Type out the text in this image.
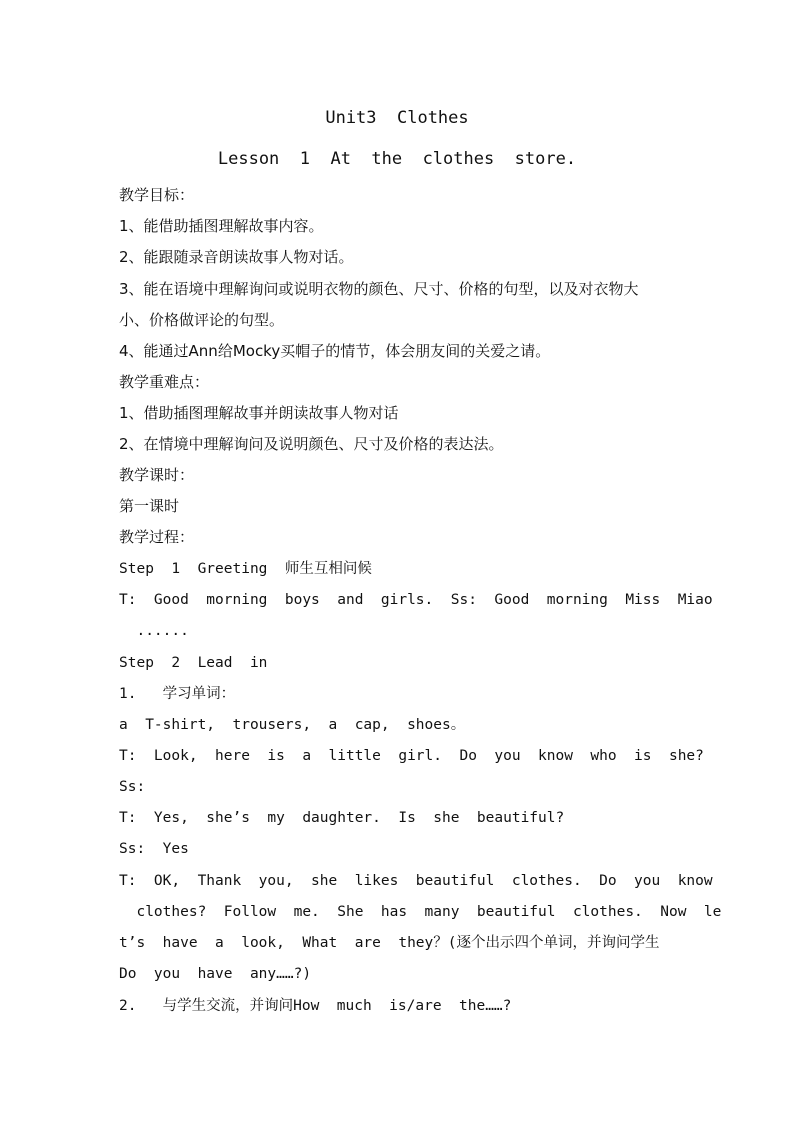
Unit3  Clothes
Lesson  1  At  the  clothes  store.
教学目标：
1、能借助插图理解故事内容。
2、能跟随录音朗读故事人物对话。
3、能在语境中理解询问或说明衣物的颜色、尺寸、价格的句型，以及对衣物大
小、价格做评论的句型。
4、能通过Ann给Mocky买帽子的情节，体会朋友间的关爱之请。
教学重难点：
1、借助插图理解故事并朗读故事人物对话
2、在情境中理解询问及说明颜色、尺寸及价格的表达法。
教学课时：
第一课时
教学过程：
Step  1  Greeting  师生互相问候
T:  Good  morning  boys  and  girls.  Ss:  Good  morning  Miss  Miao
......
Step  2  Lead  in
1.   学习单词：
a  T-shirt,  trousers,  a  cap,  shoes。
T:  Look,  here  is  a  little  girl.  Do  you  know  who  is  she?
Ss:
T:  Yes,  she’s  my  daughter.  Is  she  beautiful?
Ss:  Yes
T:  OK,  Thank  you,  she  likes  beautiful  clothes.  Do  you  know
clothes?  Follow  me.  She  has  many  beautiful  clothes.  Now  le
t’s  have  a  look,  What  are  they？(逐个出示四个单词，并询问学生
Do  you  have  any……?)
2.   与学生交流，并询问How  much  is/are  the……?
